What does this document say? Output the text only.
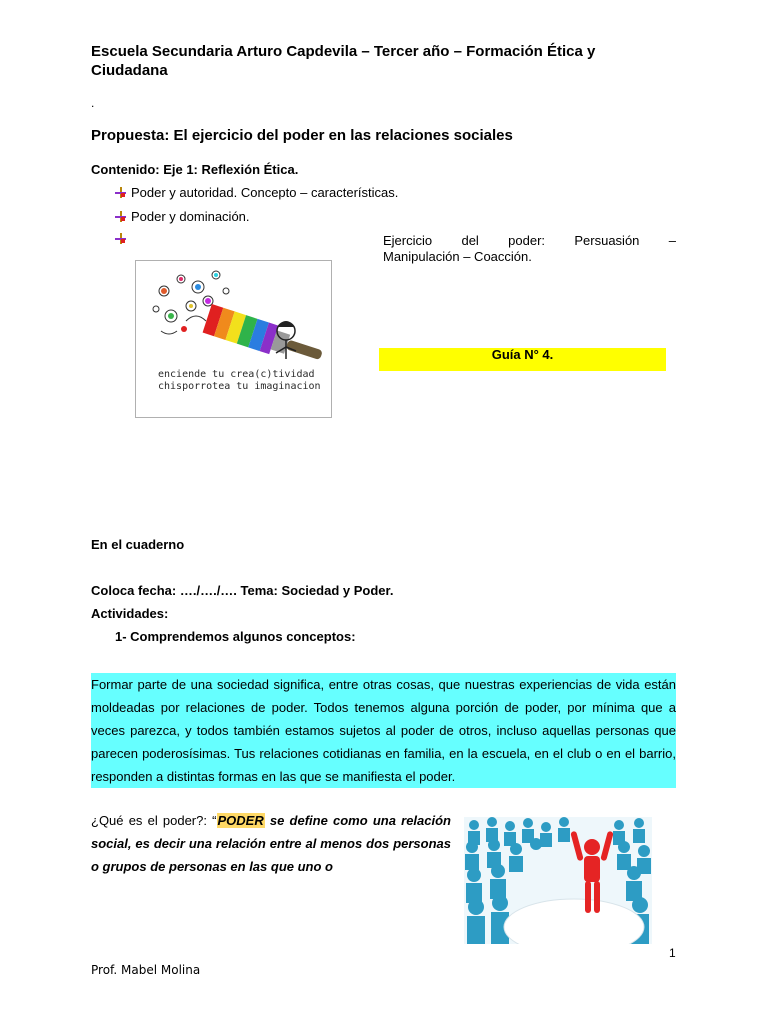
Escuela Secundaria Arturo Capdevila – Tercer año – Formación Ética y Ciudadana
.
Propuesta: El ejercicio del poder en las relaciones sociales
Contenido: Eje 1: Reflexión Ética.
Poder y autoridad. Concepto – características.
Poder y dominación.
Ejercicio del poder: Persuasión –
Manipulación – Coacción.
enciende tu crea(c)tividad
chisporrotea tu imaginacion
Guía N° 4.
En el cuaderno
Coloca fecha: …./…./…. Tema: Sociedad y Poder.
Actividades:
1- Comprendemos algunos conceptos:
Formar parte de una sociedad significa, entre otras cosas, que nuestras experiencias de vida están moldeadas por relaciones de poder. Todos tenemos alguna porción de poder, por mínima que a veces parezca, y todos también estamos sujetos al poder de otros, incluso aquellas personas que parecen poderosísimas. Tus relaciones cotidianas en familia, en la escuela, en el club o en el barrio, responden a distintas formas en las que se manifiesta el poder.
¿Qué es el poder?: “PODER se define como una relación social, es decir una relación entre al menos dos personas o grupos de personas en las que uno o
1
Prof. Mabel Molina
